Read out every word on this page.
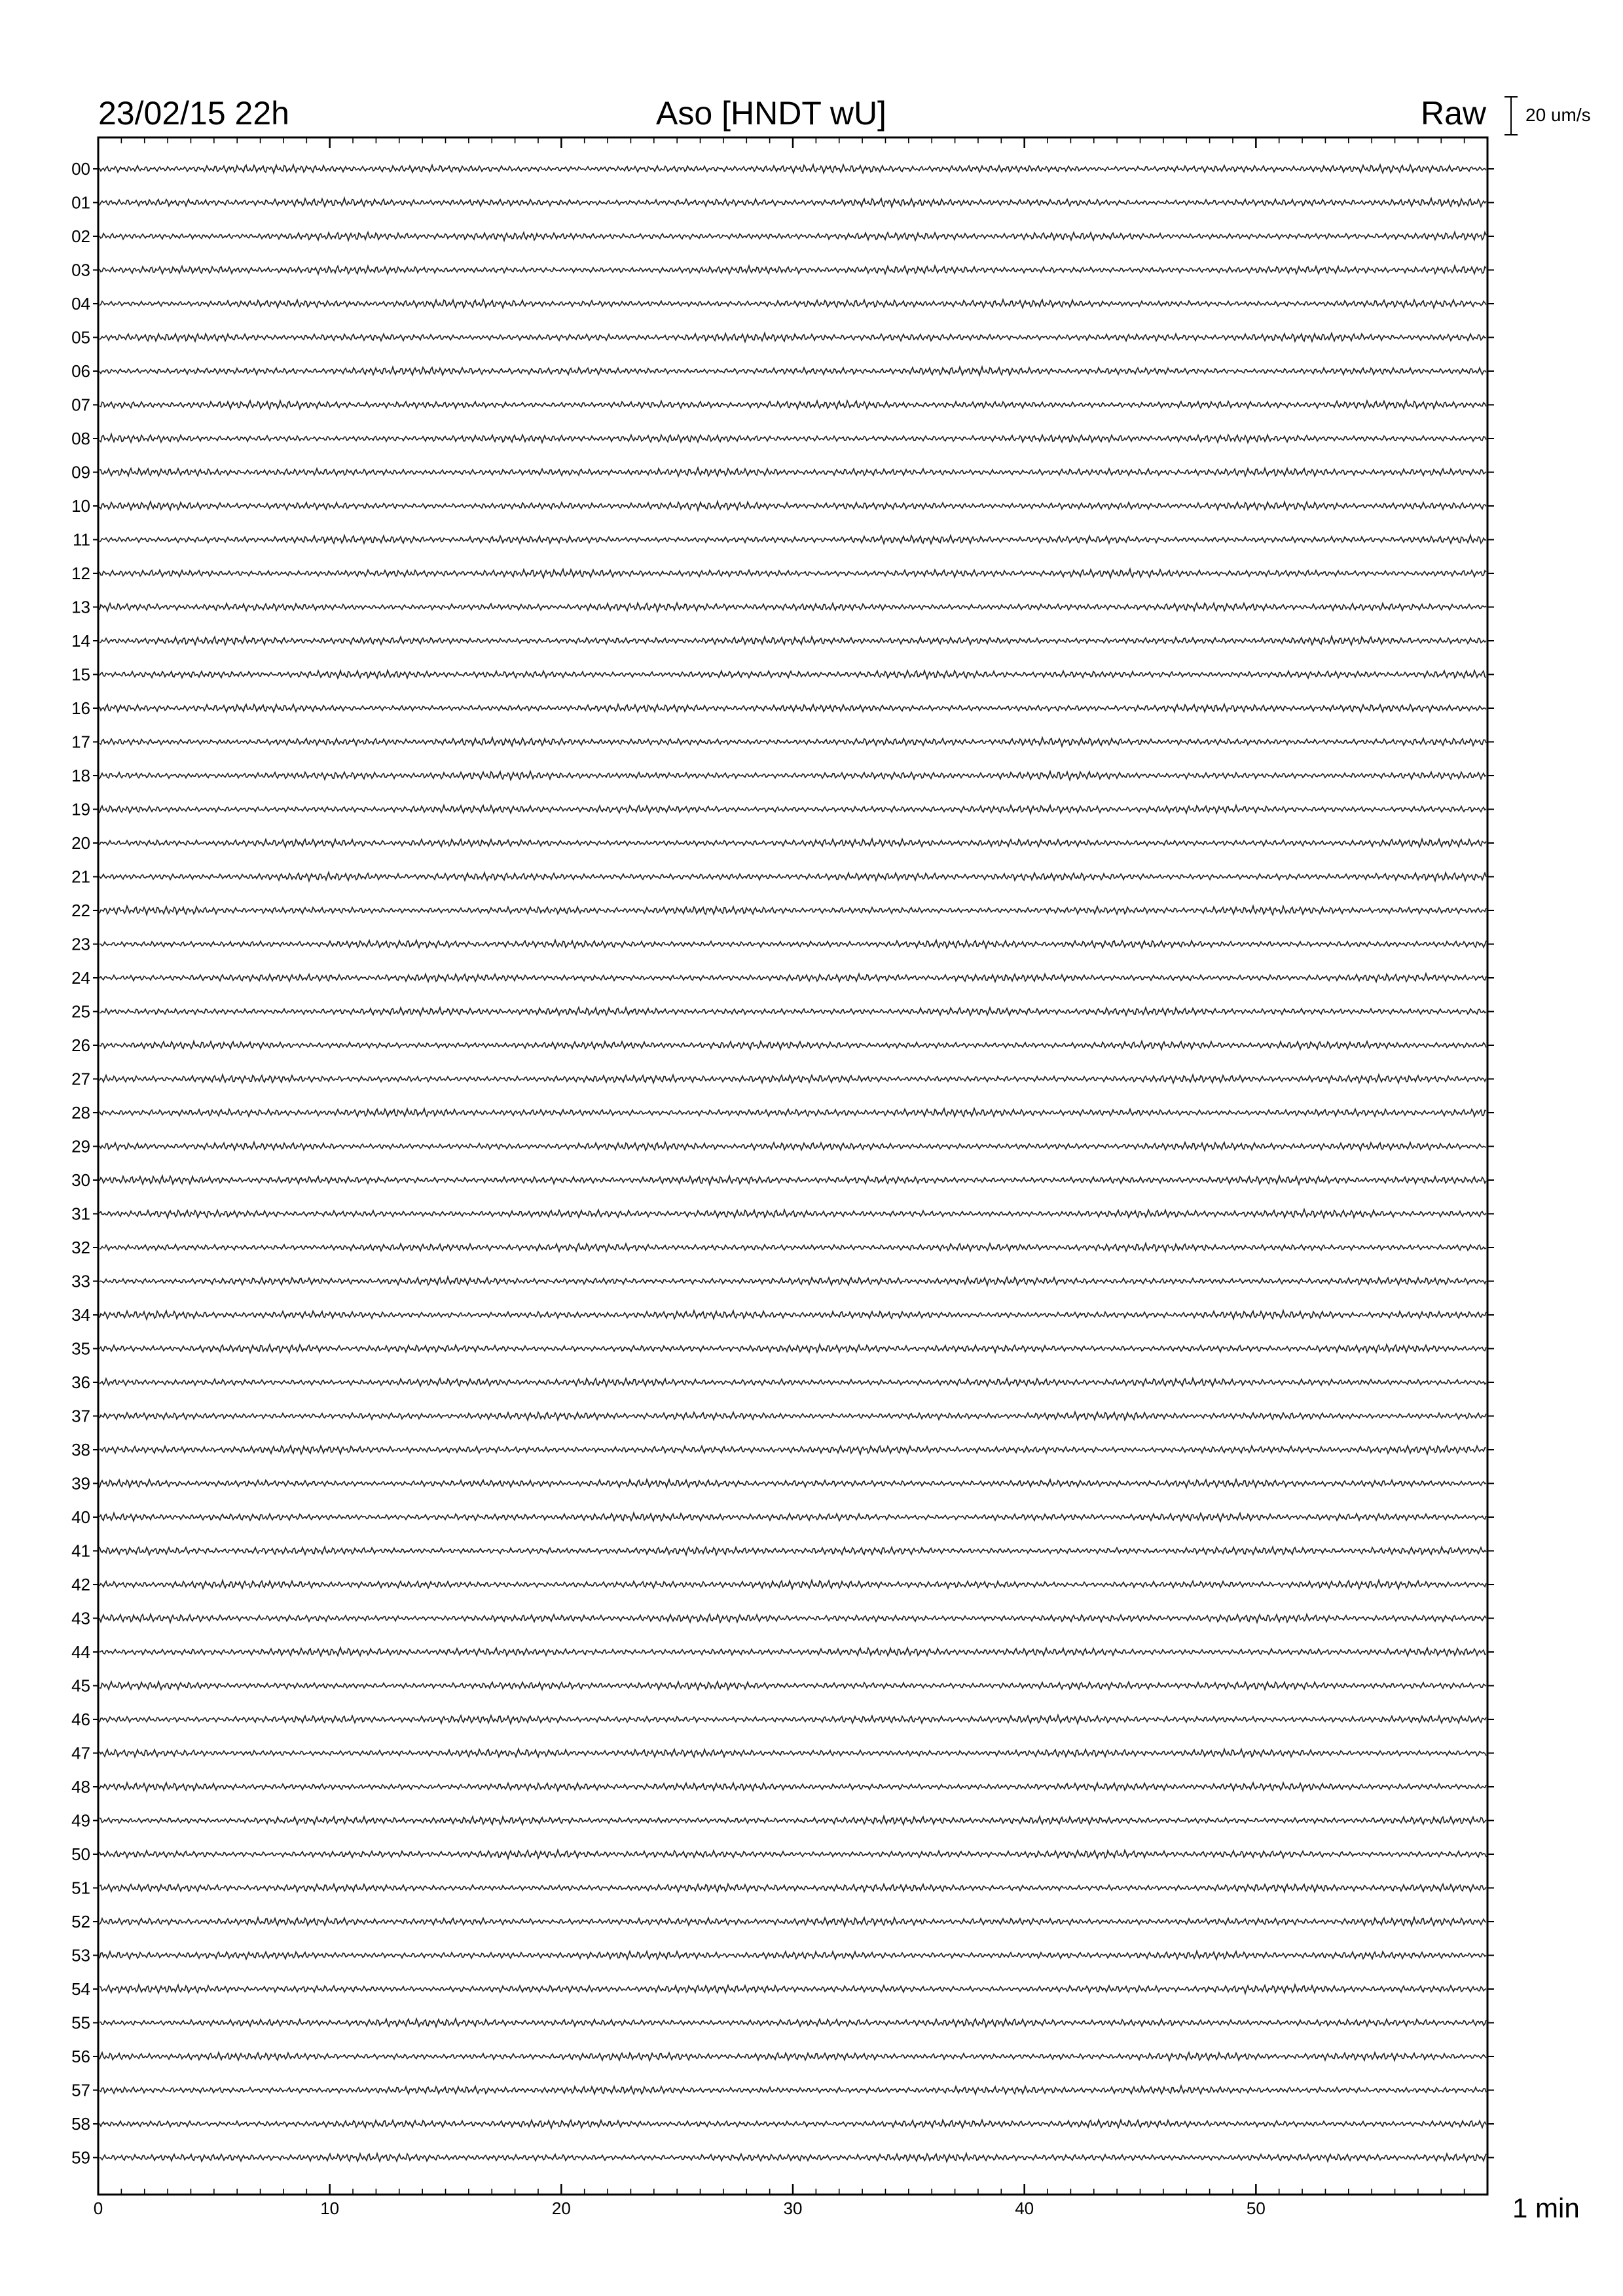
23/02/15 22h	Aso [HNDT wU]	Raw 20 um/s
00
01
02
03
04
05
06
07
08
09
10
11
12
13
14
15
16
17
18
19
20
21
22
23
24
25
26
27
28
29
30
31
32
33
34
35
36
37
38
39
40
41
42
43
44
45
46
47
48
49
50
51
52
53
54
55
56
57
58
59
0	10	20	30	40	50	1 min
